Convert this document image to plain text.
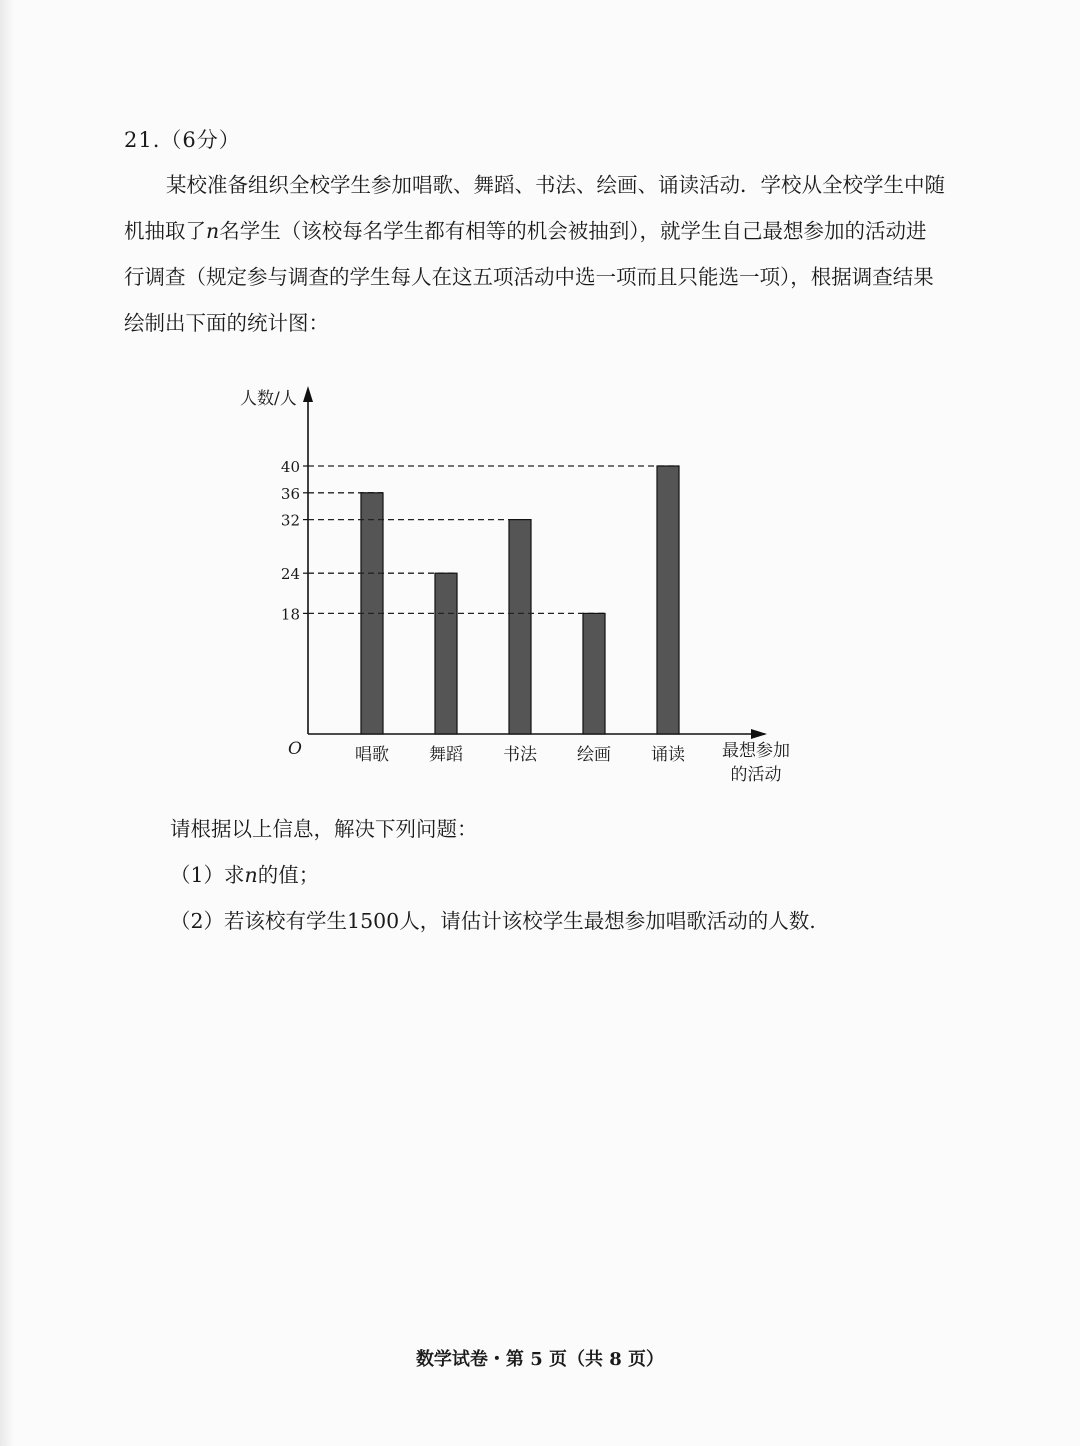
21.（6分）
某校准备组织全校学生参加唱歌、舞蹈、书法、绘画、诵读活动．学校从全校学生中随
机抽取了n名学生（该校每名学生都有相等的机会被抽到），就学生自己最想参加的活动进
行调查（规定参与调查的学生每人在这五项活动中选一项而且只能选一项），根据调查结果
绘制出下面的统计图：
人数/人
O	最想参加
的活动
18
24
32
36
40
唱歌 舞蹈 书法 绘画 诵读
请根据以上信息，解决下列问题：
（1）求n的值；
（2）若该校有学生1500人，请估计该校学生最想参加唱歌活动的人数.
数学试卷・第 5 页（共 8 页）
